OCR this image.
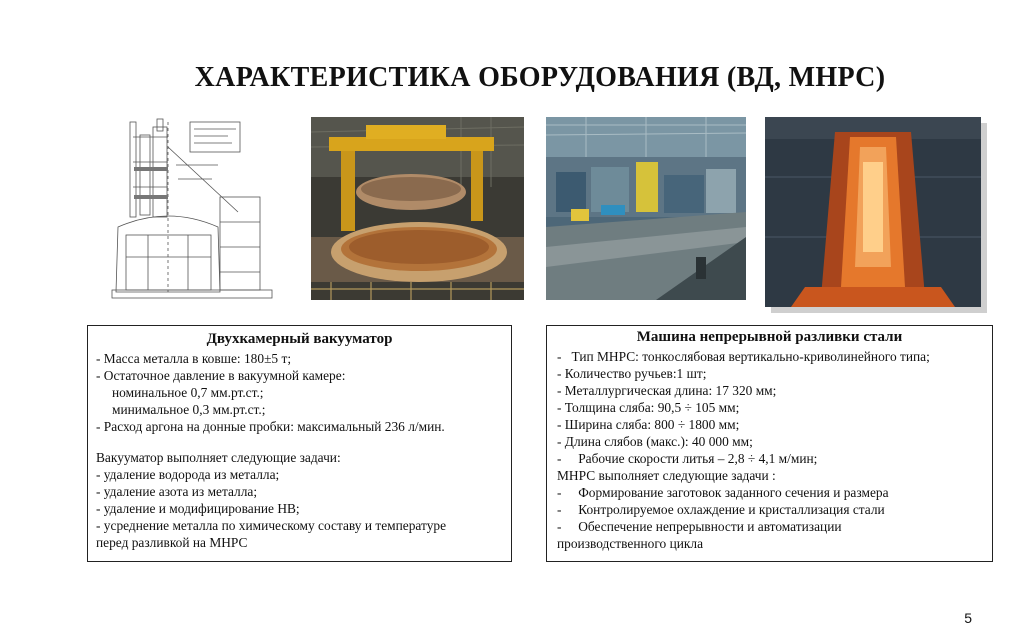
ХАРАКТЕРИСТИКА ОБОРУДОВАНИЯ (ВД, МНРС)
Двухкамерный вакууматор
- Масса металла в ковше: 180±5 т;
- Остаточное давление в вакуумной камере:
номинальное 0,7 мм.рт.ст.;
минимальное 0,3 мм.рт.ст.;
- Расход аргона на донные пробки: максимальный 236 л/мин.
Вакууматор выполняет следующие задачи:
- удаление водорода из металла;
- удаление азота из металла;
- удаление и модифицирование НВ;
- усреднение металла по химическому составу и температуре
перед разливкой на МНРС
Машина непрерывной разливки стали
-   Тип МНРС: тонкослябовая вертикально-криволинейного типа;
- Количество ручьев:1 шт;
- Металлургическая длина: 17 320 мм;
- Толщина сляба: 90,5 ÷ 105 мм;
- Ширина сляба: 800 ÷ 1800 мм;
- Длина слябов (макс.): 40 000 мм;
-     Рабочие скорости литья – 2,8 ÷ 4,1 м/мин;
МНРС выполняет следующие задачи :
-     Формирование заготовок заданного сечения и размера
-     Контролируемое охлаждение и кристаллизация стали
-     Обеспечение непрерывности и автоматизации
производственного цикла
5
